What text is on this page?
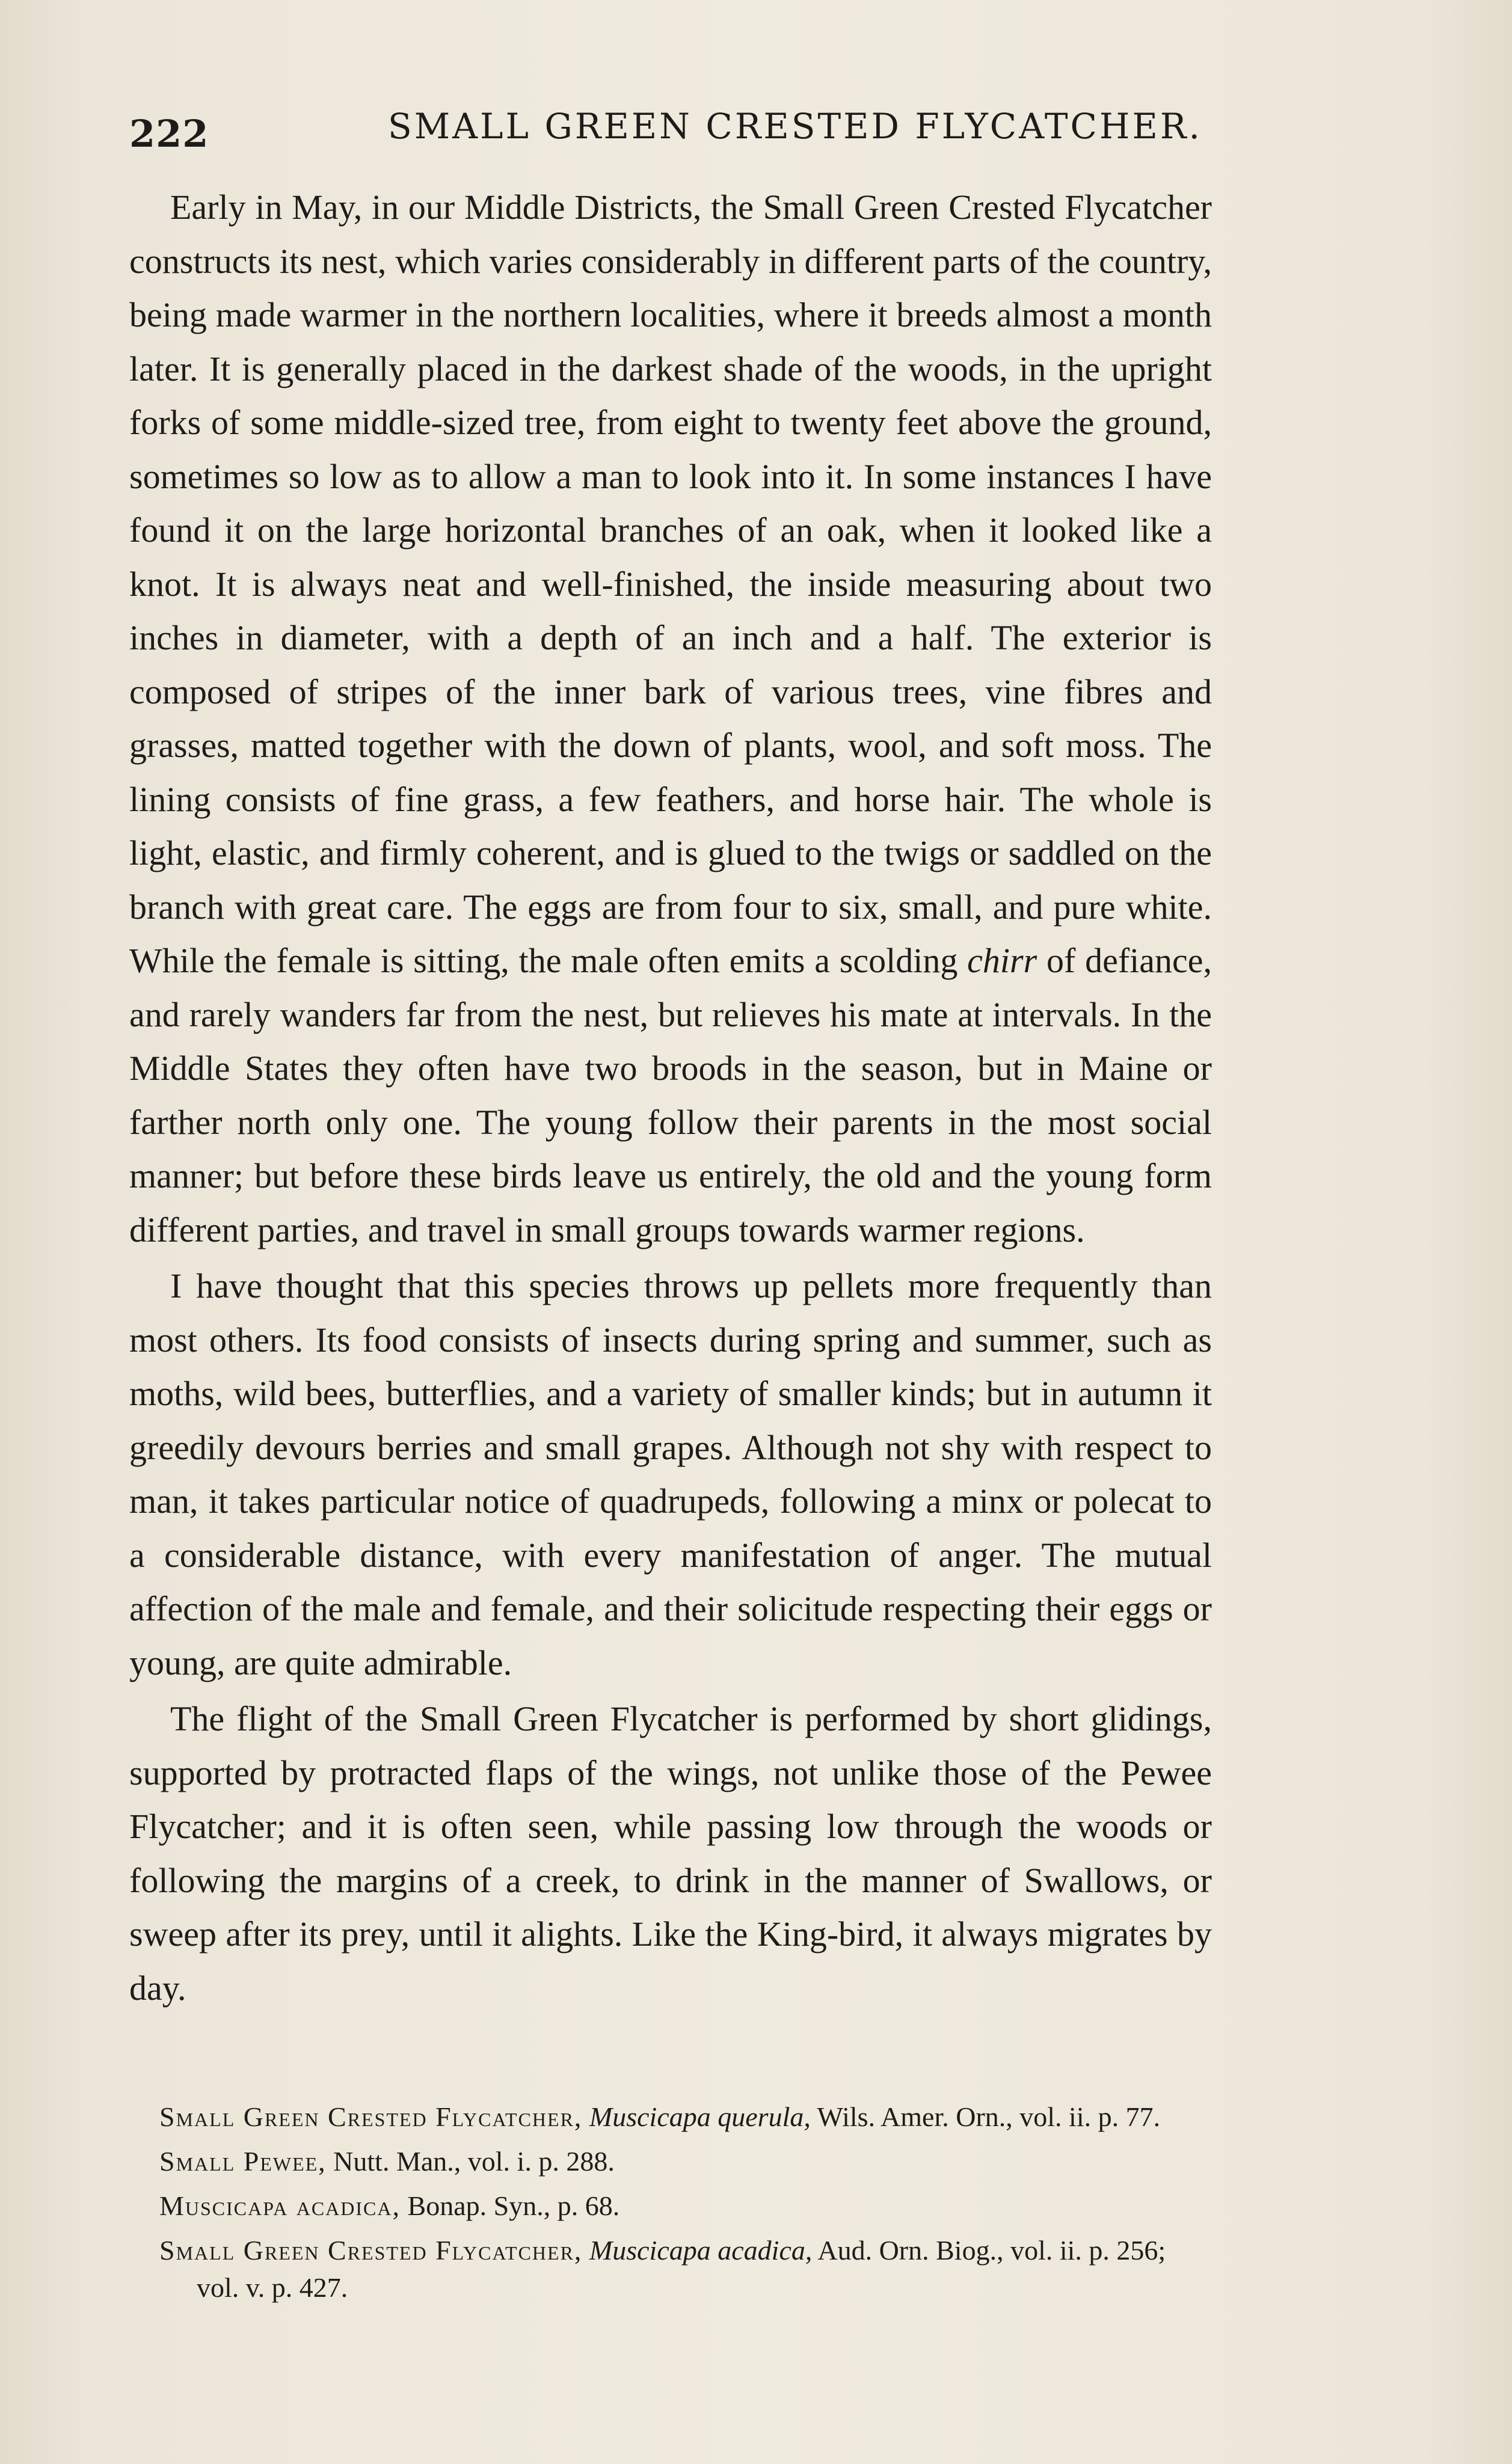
222	SMALL GREEN CRESTED FLYCATCHER.

Early in May, in our Middle Districts, the Small Green Crested Flycatcher constructs its nest, which varies considerably in different parts of the country, being made warmer in the northern localities, where it breeds almost a month later. It is generally placed in the darkest shade of the woods, in the upright forks of some middle-sized tree, from eight to twenty feet above the ground, sometimes so low as to allow a man to look into it. In some instances I have found it on the large horizontal branches of an oak, when it looked like a knot. It is always neat and well-finished, the inside measuring about two inches in diameter, with a depth of an inch and a half. The exterior is composed of stripes of the inner bark of various trees, vine fibres and grasses, matted together with the down of plants, wool, and soft moss. The lining consists of fine grass, a few feathers, and horse hair. The whole is light, elastic, and firmly coherent, and is glued to the twigs or saddled on the branch with great care. The eggs are from four to six, small, and pure white. While the female is sitting, the male often emits a scolding chirr of defiance, and rarely wanders far from the nest, but relieves his mate at intervals. In the Middle States they often have two broods in the season, but in Maine or farther north only one. The young follow their parents in the most social manner; but before these birds leave us entirely, the old and the young form different parties, and travel in small groups towards warmer regions.

I have thought that this species throws up pellets more frequently than most others. Its food consists of insects during spring and summer, such as moths, wild bees, butterflies, and a variety of smaller kinds; but in autumn it greedily devours berries and small grapes. Although not shy with respect to man, it takes particular notice of quadrupeds, following a minx or polecat to a considerable distance, with every manifestation of anger. The mutual affection of the male and female, and their solicitude respecting their eggs or young, are quite admirable.

The flight of the Small Green Flycatcher is performed by short glidings, supported by protracted flaps of the wings, not unlike those of the Pewee Flycatcher; and it is often seen, while passing low through the woods or following the margins of a creek, to drink in the manner of Swallows, or sweep after its prey, until it alights. Like the King-bird, it always migrates by day.

Small Green Crested Flycatcher, Muscicapa querula, Wils. Amer. Orn., vol. ii. p. 77.
Small Pewee, Nutt. Man., vol. i. p. 288.
Muscicapa acadica, Bonap. Syn., p. 68.
Small Green Crested Flycatcher, Muscicapa acadica, Aud. Orn. Biog., vol. ii. p. 256;
vol. v. p. 427.
